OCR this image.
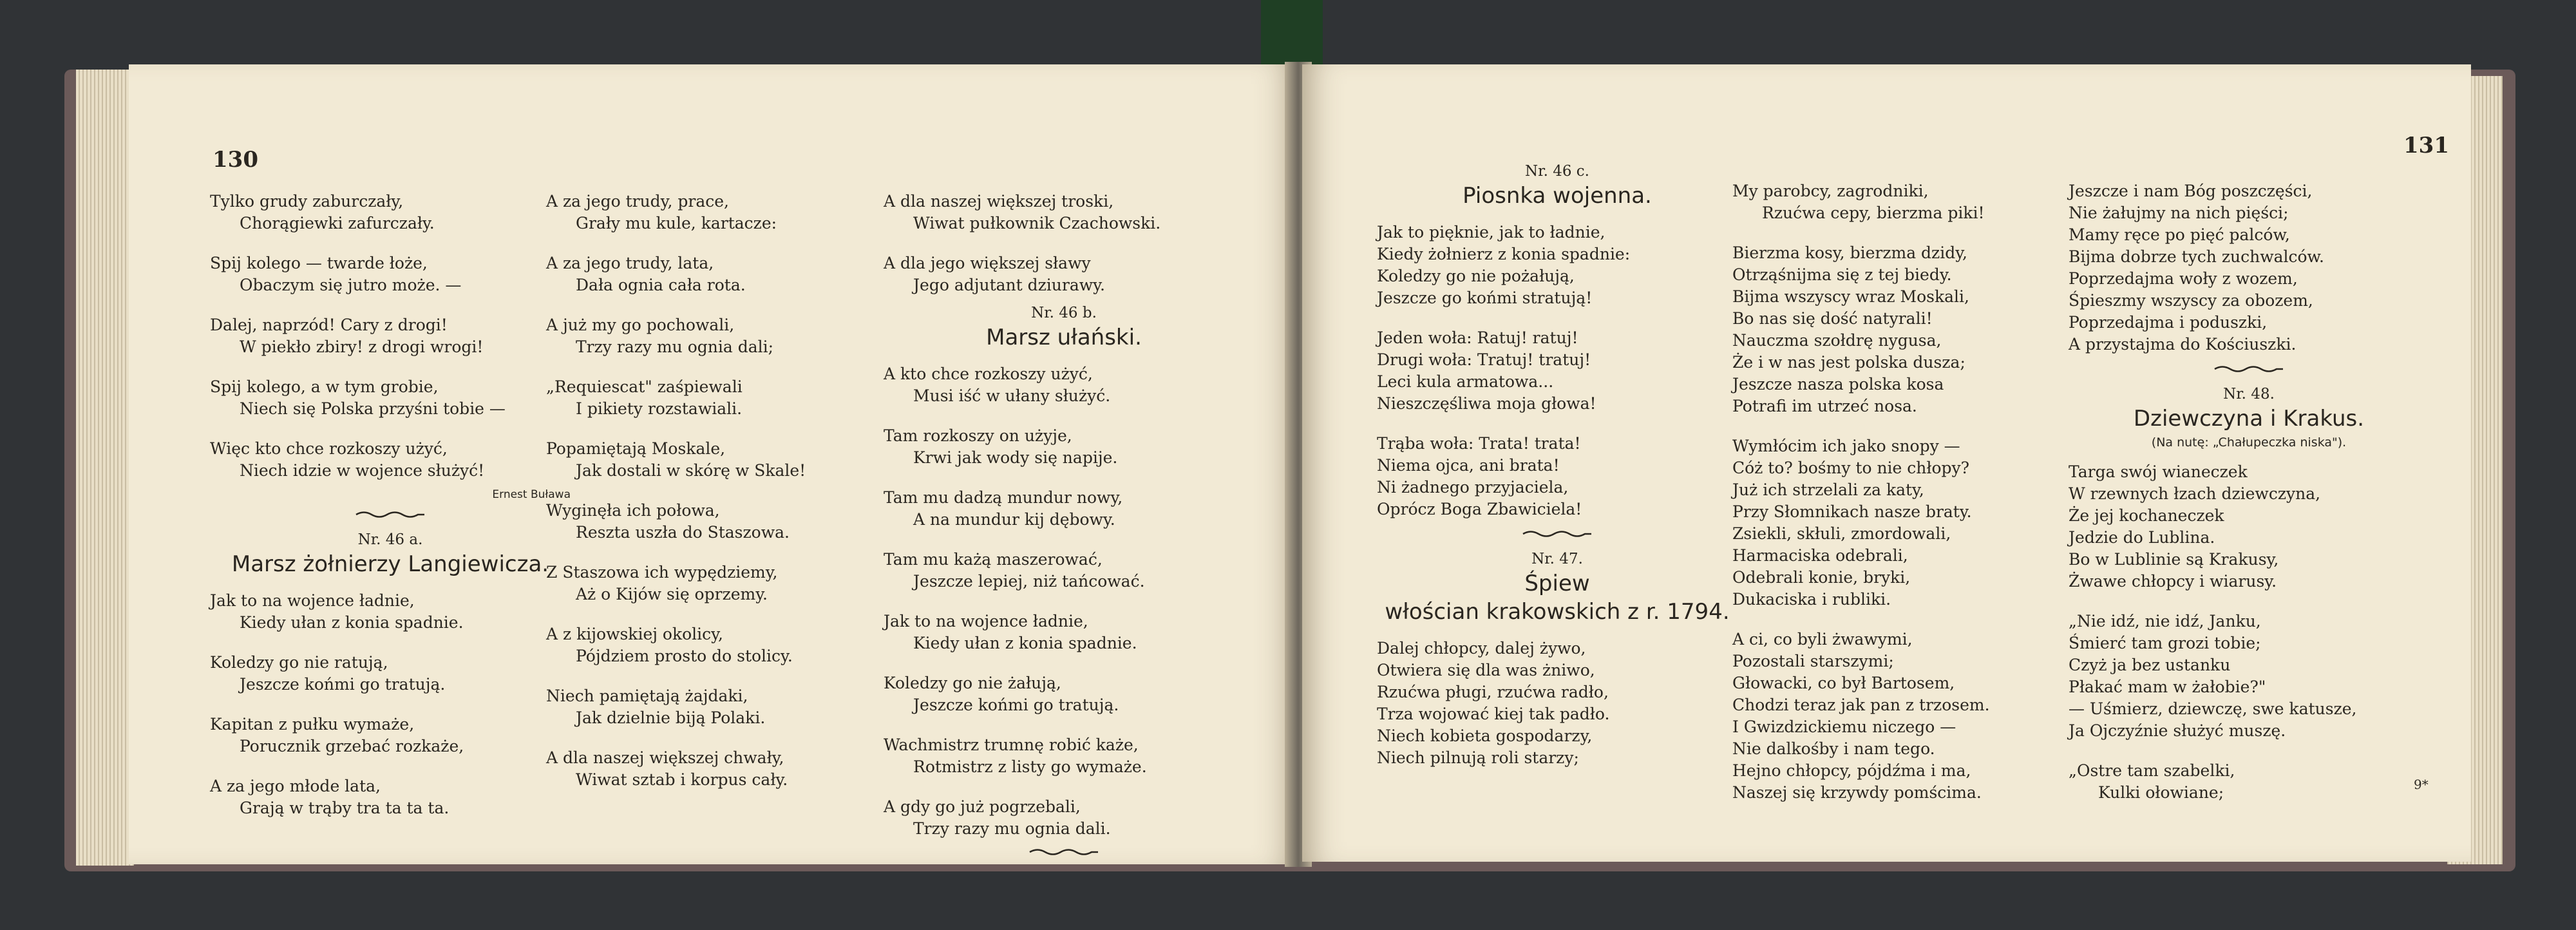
130
Tylko grudy zaburczały,
Chorągiewki zafurczały.
Spij kolego — twarde łoże,
Obaczym się jutro może. —
Dalej, naprzód! Cary z drogi!
W piekło zbiry! z drogi wrogi!
Spij kolego, a w tym grobie,
Niech się Polska przyśni tobie —
Więc kto chce rozkoszy użyć,
Niech idzie w wojence służyć!
Ernest Buława
Nr. 46 a.
Marsz żołnierzy Langiewicza.
Jak to na wojence ładnie,
Kiedy ułan z konia spadnie.
Koledzy go nie ratują,
Jeszcze końmi go tratują.
Kapitan z pułku wymaże,
Porucznik grzebać rozkaże,
A za jego młode lata,
Grają w trąby tra ta ta ta.
A za jego trudy, prace,
Grały mu kule, kartacze:
A za jego trudy, lata,
Dała ognia cała rota.
A już my go pochowali,
Trzy razy mu ognia dali;
„Requiescat" zaśpiewali
I pikiety rozstawiali.
Popamiętają Moskale,
Jak dostali w skórę w Skale!
Wyginęła ich połowa,
Reszta uszła do Staszowa.
Z Staszowa ich wypędziemy,
Aż o Kijów się oprzemy.
A z kijowskiej okolicy,
Pójdziem prosto do stolicy.
Niech pamiętają żajdaki,
Jak dzielnie biją Polaki.
A dla naszej większej chwały,
Wiwat sztab i korpus cały.
A dla naszej większej troski,
Wiwat pułkownik Czachowski.
A dla jego większej sławy
Jego adjutant dziurawy.
Nr. 46 b.
Marsz ułański.
A kto chce rozkoszy użyć,
Musi iść w ułany służyć.
Tam rozkoszy on użyje,
Krwi jak wody się napije.
Tam mu dadzą mundur nowy,
A na mundur kij dębowy.
Tam mu każą maszerować,
Jeszcze lepiej, niż tańcować.
Jak to na wojence ładnie,
Kiedy ułan z konia spadnie.
Koledzy go nie żałują,
Jeszcze końmi go tratują.
Wachmistrz trumnę robić każe,
Rotmistrz z listy go wymaże.
A gdy go już pogrzebali,
Trzy razy mu ognia dali.
131
Nr. 46 c.
Piosnka wojenna.
Jak to pięknie, jak to ładnie,
Kiedy żołnierz z konia spadnie:
Koledzy go nie pożałują,
Jeszcze go końmi stratują!
Jeden woła: Ratuj! ratuj!
Drugi woła: Tratuj! tratuj!
Leci kula armatowa...
Nieszczęśliwa moja głowa!
Trąba woła: Trata! trata!
Niema ojca, ani brata!
Ni żadnego przyjaciela,
Oprócz Boga Zbawiciela!
Nr. 47.
Śpiew
włościan krakowskich z r. 1794.
Dalej chłopcy, dalej żywo,
Otwiera się dla was żniwo,
Rzućwa pługi, rzućwa radło,
Trza wojować kiej tak padło.
Niech kobieta gospodarzy,
Niech pilnują roli starzy;
My parobcy, zagrodniki,
Rzućwa cepy, bierzma piki!
Bierzma kosy, bierzma dzidy,
Otrząśnijma się z tej biedy.
Bijma wszyscy wraz Moskali,
Bo nas się dość natyrali!
Nauczma szołdrę nygusa,
Że i w nas jest polska dusza;
Jeszcze nasza polska kosa
Potrafi im utrzeć nosa.
Wymłócim ich jako snopy —
Cóż to? bośmy to nie chłopy?
Już ich strzelali za katy,
Przy Słomnikach nasze braty.
Zsiekli, skłuli, zmordowali,
Harmaciska odebrali,
Odebrali konie, bryki,
Dukaciska i rubliki.
A ci, co byli żwawymi,
Pozostali starszymi;
Głowacki, co był Bartosem,
Chodzi teraz jak pan z trzosem.
I Gwizdzickiemu niczego —
Nie dalkośby i nam tego.
Hejno chłopcy, pójdźma i ma,
Naszej się krzywdy pomścima.
Jeszcze i nam Bóg poszczęści,
Nie żałujmy na nich pięści;
Mamy ręce po pięć palców,
Bijma dobrze tych zuchwalców.
Poprzedajma woły z wozem,
Śpieszmy wszyscy za obozem,
Poprzedajma i poduszki,
A przystajma do Kościuszki.
Nr. 48.
Dziewczyna i Krakus.
(Na nutę: „Chałupeczka niska").
Targa swój wianeczek
W rzewnych łzach dziewczyna,
Że jej kochaneczek
Jedzie do Lublina.
Bo w Lublinie są Krakusy,
Żwawe chłopcy i wiarusy.
„Nie idź, nie idź, Janku,
Śmierć tam grozi tobie;
Czyż ja bez ustanku
Płakać mam w żałobie?"
— Uśmierz, dziewczę, swe katusze,
Ja Ojczyźnie służyć muszę.
„Ostre tam szabelki,
Kulki ołowiane;	9*
